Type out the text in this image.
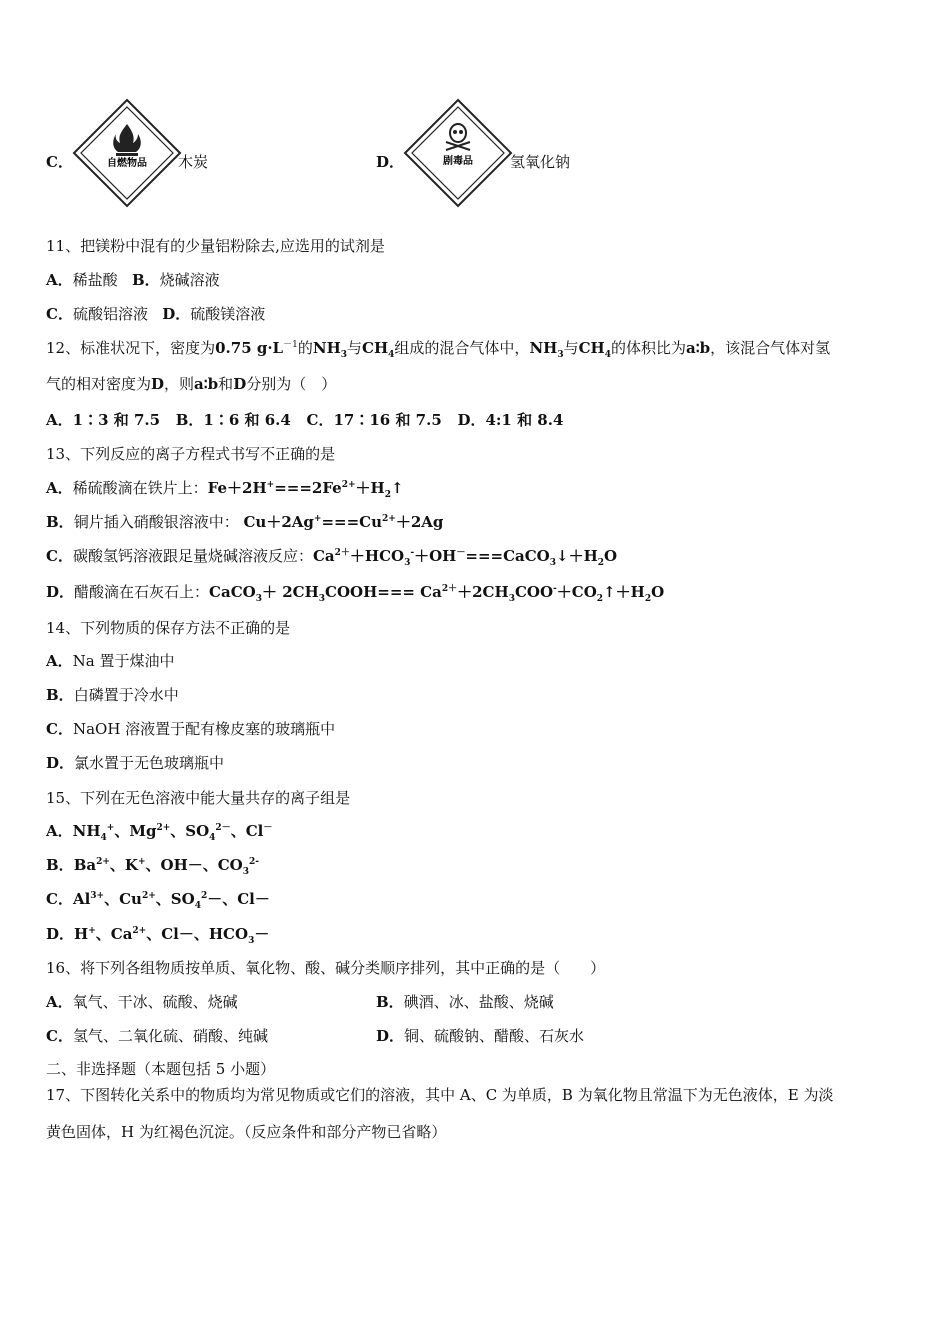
C．	自燃物品 木炭	D．	剧毒品 氢氧化钠
11、把镁粉中混有的少量铝粉除去,应选用的试剂是
A．稀盐酸 B．烧碱溶液
C．硫酸铝溶液 D．硫酸镁溶液
12、标准状况下，密度为0.75 $g\cdot L^{-1}$的$NH_3$与$CH_4$组成的混合气体中，$NH_3$与$CH_4$的体积比为a∶b，该混合气体对氢
气的相对密度为D，则a∶b和D分别为（　）
A．1∶3 和 7.5 B．1∶6 和 6.4 C．17∶16 和 7.5 D．4:1 和 8.4
13、下列反应的离子方程式书写不正确的是
A．稀硫酸滴在铁片上：$Fe+2H^+===2Fe^{2+}+H_2↑$
B．铜片插入硝酸银溶液中： $Cu+2Ag^+===Cu^{2+}+2Ag$
C．碳酸氢钙溶液跟足量烧碱溶液反应：$Ca^{2+}+HCO_3^-+OH^-===CaCO_3↓+H_2O$
D．醋酸滴在石灰石上：CaCO$_3$＋ $2CH_3COOH===$ $Ca^{2+}+2CH_3COO^-+CO_2↑+H_2O$
14、下列物质的保存方法不正确的是
A．Na 置于煤油中
B．白磷置于冷水中
C．NaOH 溶液置于配有橡皮塞的玻璃瓶中
D．氯水置于无色玻璃瓶中
15、下列在无色溶液中能大量共存的离子组是
A．$NH_4^+$、$Mg^{2+}$、$SO_4^{2-}$、Cl－
B．$Ba^{2+}$、K+、OH－、$CO_3^{2-}$
C．$Al^{3+}$、$Cu^{2+}$、$SO_4^2-$、Cl－
D．H+、$Ca^{2+}$、Cl－、$HCO_3-$
16、将下列各组物质按单质、氧化物、酸、碱分类顺序排列，其中正确的是（　　）
A．氧气、干冰、硫酸、烧碱	B．碘酒、冰、盐酸、烧碱
C．氢气、二氧化硫、硝酸、纯碱	D．铜、硫酸钠、醋酸、石灰水
二、非选择题（本题包括 5 小题）
17、下图转化关系中的物质均为常见物质或它们的溶液，其中 A、C 为单质，B 为氧化物且常温下为无色液体，E 为淡
黄色固体，H 为红褐色沉淀。（反应条件和部分产物已省略）
